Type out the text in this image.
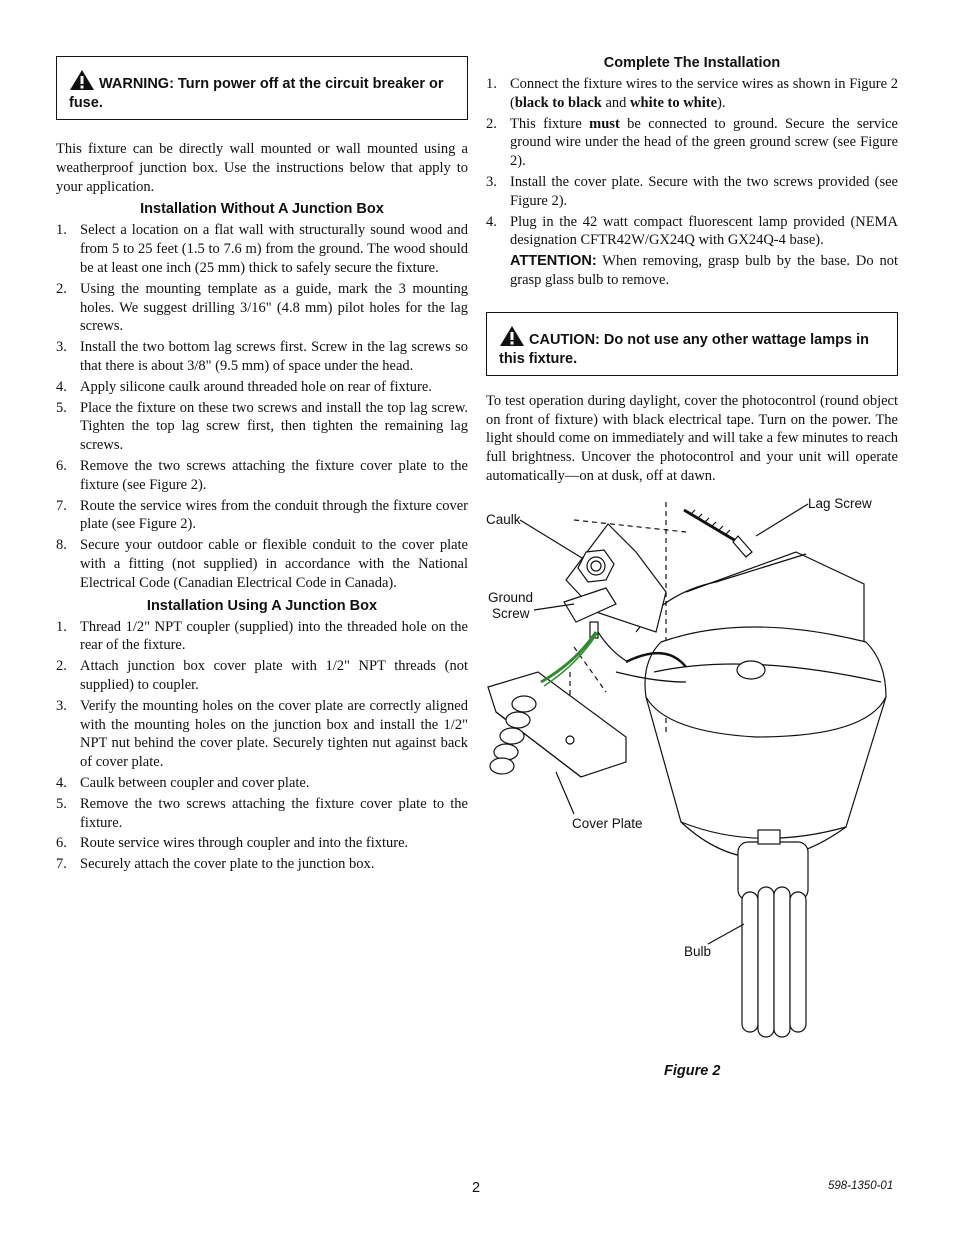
WARNING: Turn power off at the circuit breaker or fuse.

This fixture can be directly wall mounted or wall mounted using a weatherproof junction box. Use the instructions below that apply to your application.

Installation Without A Junction Box
1. Select a location on a flat wall with structurally sound wood and from 5 to 25 feet (1.5 to 7.6 m) from the ground. The wood should be at least one inch (25 mm) thick to safely secure the fixture.
2. Using the mounting template as a guide, mark the 3 mounting holes. We suggest drilling 3/16" (4.8 mm) pilot holes for the lag screws.
3. Install the two bottom lag screws first. Screw in the lag screws so that there is about 3/8" (9.5 mm) of space under the head.
4. Apply silicone caulk around threaded hole on rear of fixture.
5. Place the fixture on these two screws and install the top lag screw. Tighten the top lag screw first, then tighten the remaining lag screws.
6. Remove the two screws attaching the fixture cover plate to the fixture (see Figure 2).
7. Route the service wires from the conduit through the fixture cover plate (see Figure 2).
8. Secure your outdoor cable or flexible conduit to the cover plate with a fitting (not supplied) in accordance with the National Electrical Code (Canadian Electrical Code in Canada).
Installation Using A Junction Box
1. Thread 1/2" NPT coupler (supplied) into the threaded hole on the rear of the fixture.
2. Attach junction box cover plate with 1/2" NPT threads (not supplied) to coupler.
3. Verify the mounting holes on the cover plate are correctly aligned with the mounting holes on the junction box and install the 1/2" NPT nut behind the cover plate. Securely tighten nut against back of cover plate.
4. Caulk between coupler and cover plate.
5. Remove the two screws attaching the fixture cover plate to the fixture.
6. Route service wires through coupler and into the fixture.
7. Securely attach the cover plate to the junction box.
Complete The Installation
1. Connect the fixture wires to the service wires as shown in Figure 2 (black to black and white to white).
2. This fixture must be connected to ground. Secure the service ground wire under the head of the green ground screw (see Figure 2).
3. Install the cover plate. Secure with the two screws provided (see Figure 2).
4. Plug in the 42 watt compact fluorescent lamp provided (NEMA designation CFTR42W/GX24Q with GX24Q-4 base).

ATTENTION: When removing, grasp bulb by the base. Do not grasp glass bulb to remove.

CAUTION: Do not use any other wattage lamps in this fixture.

To test operation during daylight, cover the photocontrol (round object on front of fixture) with black electrical tape. Turn on the power. The light should come on immediately and will take a few minutes to reach full brightness. Uncover the photocontrol and your unit will operate automatically—on at dusk, off at dawn.

Caulk
Lag Screw
Ground
Screw
Cover Plate
Bulb
Figure 2
2	598-1350-01
